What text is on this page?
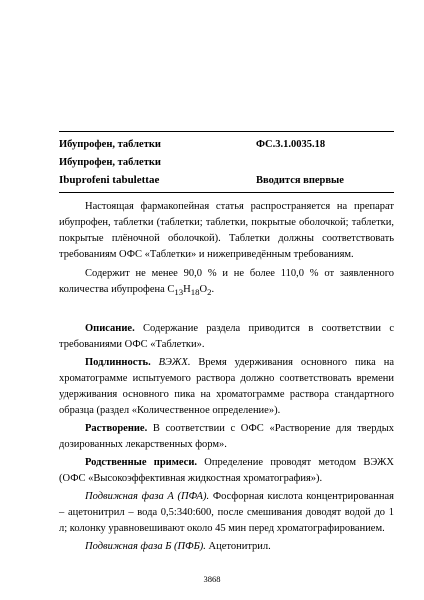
Ибупрофен, таблетки	ФС.3.1.0035.18
Ибупрофен, таблетки
Ibuprofeni tabulettae	Вводится впервые

Настоящая фармакопейная статья распространяется на препарат ибупрофен, таблетки (таблетки; таблетки, покрытые оболочкой; таблетки, покрытые плёночной оболочкой). Таблетки должны соответствовать требованиям ОФС «Таблетки» и нижеприведённым требованиям.

Содержит не менее 90,0 % и не более 110,0 % от заявленного количества ибупрофена $C_{13}H_{18}O_2$.

Описание. Содержание раздела приводится в соответствии с требованиями ОФС «Таблетки».

Подлинность. ВЭЖХ. Время удерживания основного пика на хроматограмме испытуемого раствора должно соответствовать времени удерживания основного пика на хроматограмме раствора стандартного образца (раздел «Количественное определение»).

Растворение. В соответствии с ОФС «Растворение для твердых дозированных лекарственных форм».

Родственные примеси. Определение проводят методом ВЭЖХ (ОФС «Высокоэффективная жидкостная хроматография»).

Подвижная фаза А (ПФА). Фосфорная кислота концентрированная – ацетонитрил – вода 0,5:340:600, после смешивания доводят водой до 1 л; колонку уравновешивают около 45 мин перед хроматографированием.

Подвижная фаза Б (ПФБ). Ацетонитрил.

3868
